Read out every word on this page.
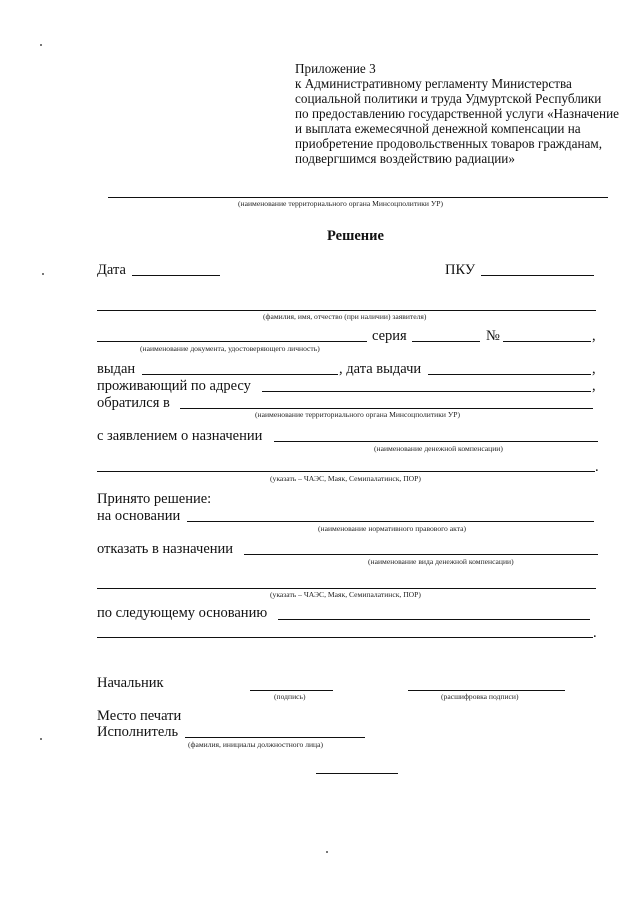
Приложение 3
к Административному регламенту Министерства
социальной политики и труда Удмуртской Республики
по предоставлению государственной услуги «Назначение
и выплата ежемесячной денежной компенсации на
приобретение продовольственных товаров гражданам,
подвергшимся воздействию радиации»
(наименование территориального органа Минсоцполитики УР)
Решение
Дата	ПКУ
(фамилия, имя, отчество (при наличии) заявителя)
серия	№	,
(наименование документа, удостоверяющего личность)
выдан	, дата выдачи	,
проживающий по адресу	,
обратился в
(наименование территориального органа Минсоцполитики УР)
с заявлением о назначении
(наименование денежной компенсации)
.
(указать – ЧАЭС, Маяк, Семипалатинск, ПОР)
Принято решение:
на основании
(наименование нормативного правового акта)
отказать в назначении
(наименование вида денежной компенсации)
(указать – ЧАЭС, Маяк, Семипалатинск, ПОР)
по следующему основанию
.
Начальник
(подпись)	(расшифровка подписи)
Место печати
Исполнитель
(фамилия, инициалы должностного лица)
